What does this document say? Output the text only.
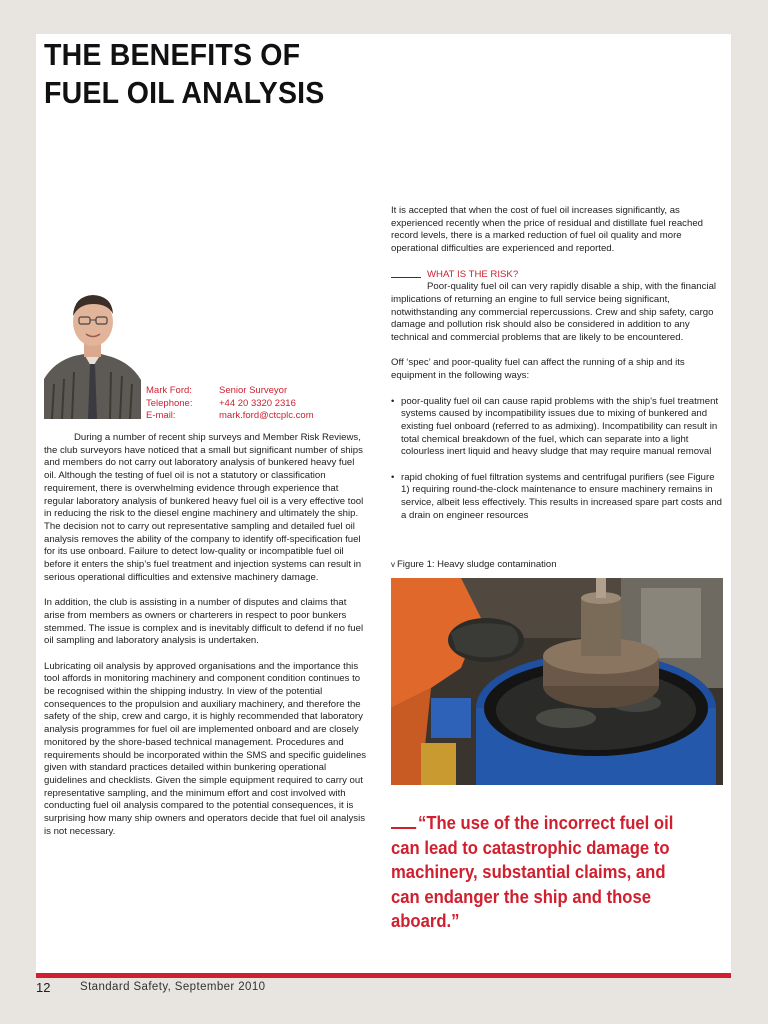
THE BENEFITS OF
FUEL OIL ANALYSIS
Mark Ford:	Senior Surveyor
Telephone:	+44 20 3320 2316
E-mail:	mark.ford@ctcplc.com

During a number of recent ship surveys and Member Risk Reviews, the club surveyors have noticed that a small but significant number of ships and members do not carry out laboratory analysis of bunkered heavy fuel oil. Although the testing of fuel oil is not a statutory or classification requirement, there is overwhelming evidence through experience that regular laboratory analysis of bunkered heavy fuel oil is a very effective tool in reducing the risk to the diesel engine machinery and ultimately the ship. The decision not to carry out representative sampling and detailed fuel oil analysis removes the ability of the company to identify off-specification fuel for its use onboard. Failure to detect low-quality or incompatible fuel oil before it enters the ship’s fuel treatment and injection systems can result in serious operational difficulties and extensive machinery damage.

In addition, the club is assisting in a number of disputes and claims that arise from members as owners or charterers in respect to poor bunkers stemmed. The issue is complex and is inevitably difficult to defend if no fuel oil sampling and laboratory analysis is undertaken.

Lubricating oil analysis by approved organisations and the importance this tool affords in monitoring machinery and component condition continues to be recognised within the shipping industry. In view of the potential consequences to the propulsion and auxiliary machinery, and therefore the safety of the ship, crew and cargo, it is highly recommended that laboratory analysis programmes for fuel oil are implemented onboard and are closely monitored by the shore-based technical management. Procedures and requirements should be incorporated within the SMS and specific guidelines given with standard practices detailed within bunkering operational guidelines and checklists. Given the simple equipment required to carry out representative sampling, and the minimum effort and cost involved with conducting fuel oil analysis compared to the potential consequences, it is surprising how many ship owners and operators decide that fuel oil analysis is not necessary.

It is accepted that when the cost of fuel oil increases significantly, as experienced recently when the price of residual and distillate fuel reached record levels, there is a marked reduction of fuel oil quality and more operational difficulties are experienced and reported.

WHAT IS THE RISK?
Poor-quality fuel oil can very rapidly disable a ship, with the financial implications of returning an engine to full service being significant, notwithstanding any commercial repercussions. Crew and ship safety, cargo damage and pollution risk should also be considered in addition to any technical and commercial problems that are likely to be encountered.

Off ‘spec’ and poor-quality fuel can affect the running of a ship and its equipment in the following ways:

• poor-quality fuel oil can cause rapid problems with the ship’s fuel treatment systems caused by incompatibility issues due to mixing of bunkered and existing fuel onboard (referred to as admixing). Incompatibility can result in total chemical breakdown of the fuel, which can separate into a light colourless inert liquid and heavy sludge that may require manual removal
• rapid choking of fuel filtration systems and centrifugal purifiers (see Figure 1) requiring round-the-clock maintenance to ensure machinery remains in service, albeit less effectively. This results in increased spare part costs and a drain on engineer resources
v Figure 1: Heavy sludge contamination
“The use of the incorrect fuel oil can lead to catastrophic damage to machinery, substantial claims, and can endanger the ship and those aboard.”
12	Standard Safety, September 2010
